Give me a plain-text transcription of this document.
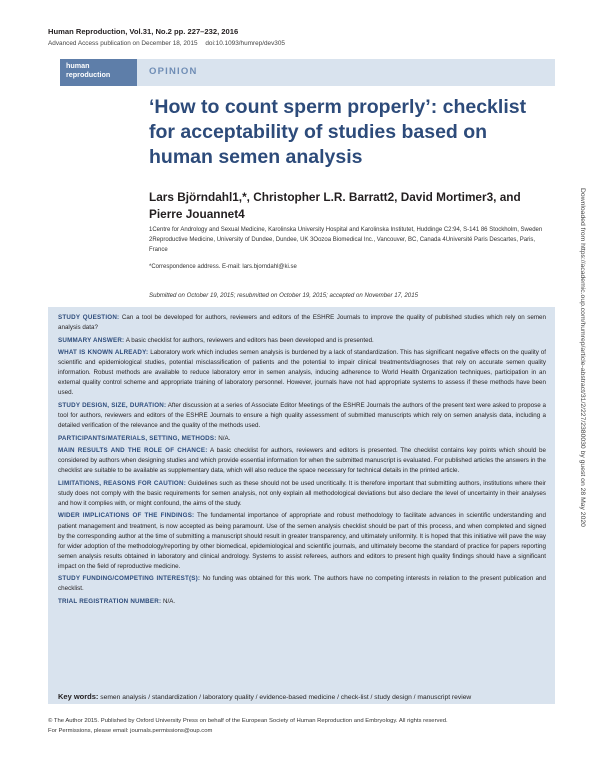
Human Reproduction, Vol.31, No.2 pp. 227–232, 2016
Advanced Access publication on December 18, 2015 doi:10.1093/humrep/dev305
human
reproduction	OPINION
‘How to count sperm properly’: checklist for acceptability of studies based on human semen analysis
Lars Björndahl1,*, Christopher L.R. Barratt2, David Mortimer3, and Pierre Jouannet4
1Centre for Andrology and Sexual Medicine, Karolinska University Hospital and Karolinska Institutet, Huddinge C2:94, S-141 86 Stockholm, Sweden 2Reproductive Medicine, University of Dundee, Dundee, UK 3Oozoa Biomedical Inc., Vancouver, BC, Canada 4Université Paris Descartes, Paris, France
*Correspondence address. E-mail: lars.bjorndahl@ki.se
Submitted on October 19, 2015; resubmitted on October 19, 2015; accepted on November 17, 2015

STUDY QUESTION: Can a tool be developed for authors, reviewers and editors of the ESHRE Journals to improve the quality of published studies which rely on semen analysis data?

SUMMARY ANSWER: A basic checklist for authors, reviewers and editors has been developed and is presented.

WHAT IS KNOWN ALREADY: Laboratory work which includes semen analysis is burdened by a lack of standardization. This has significant negative effects on the quality of scientific and epidemiological studies, potential misclassification of patients and the potential to impair clinical treatments/diagnoses that rely on accurate semen quality information. Robust methods are available to reduce laboratory error in semen analysis, inducing adherence to World Health Organization techniques, participation in an external quality control scheme and appropriate training of laboratory personnel. However, journals have not had appropriate systems to assess if these methods have been used.

STUDY DESIGN, SIZE, DURATION: After discussion at a series of Associate Editor Meetings of the ESHRE Journals the authors of the present text were asked to propose a tool for authors, reviewers and editors of the ESHRE Journals to ensure a high quality assessment of submitted manuscripts which rely on semen analysis data, including a detailed verification of the relevance and the quality of the methods used.

PARTICIPANTS/MATERIALS, SETTING, METHODS: N/A.

MAIN RESULTS AND THE ROLE OF CHANCE: A basic checklist for authors, reviewers and editors is presented. The checklist contains key points which should be considered by authors when designing studies and which provide essential information for when the submitted manuscript is evaluated. For published articles the answers in the checklist are suitable to be available as supplementary data, which will also reduce the space necessary for technical details in the printed article.

LIMITATIONS, REASONS FOR CAUTION: Guidelines such as these should not be used uncritically. It is therefore important that submitting authors, institutions where their study does not comply with the basic requirements for semen analysis, not only explain all methodological deviations but also declare the level of uncertainty in their analyses and how it complies with, or might confound, the aims of the study.

WIDER IMPLICATIONS OF THE FINDINGS: The fundamental importance of appropriate and robust methodology to facilitate advances in scientific understanding and patient management and treatment, is now accepted as being paramount. Use of the semen analysis checklist should be part of this process, and when completed and signed by the corresponding author at the time of submitting a manuscript should result in greater transparency, and ultimately uniformity. It is hoped that this initiative will pave the way for wider adoption of the methodology/reporting by other biomedical, epidemiological and scientific journals, and ultimately become the standard of practice for papers reporting semen analysis results obtained in laboratory and clinical andrology. Systems to assist referees, authors and editors to present high quality findings should have a significant impact on the field of reproductive medicine.

STUDY FUNDING/COMPETING INTEREST(S): No funding was obtained for this work. The authors have no competing interests in relation to the present publication and checklist.

TRIAL REGISTRATION NUMBER: N/A.

Key words: semen analysis / standardization / laboratory quality / evidence-based medicine / check-list / study design / manuscript review
© The Author 2015. Published by Oxford University Press on behalf of the European Society of Human Reproduction and Embryology. All rights reserved.
For Permissions, please email: journals.permissions@oup.com
Downloaded from https://academic.oup.com/humrep/article-abstract/31/2/227/2380030 by guest on 28 May 2020
